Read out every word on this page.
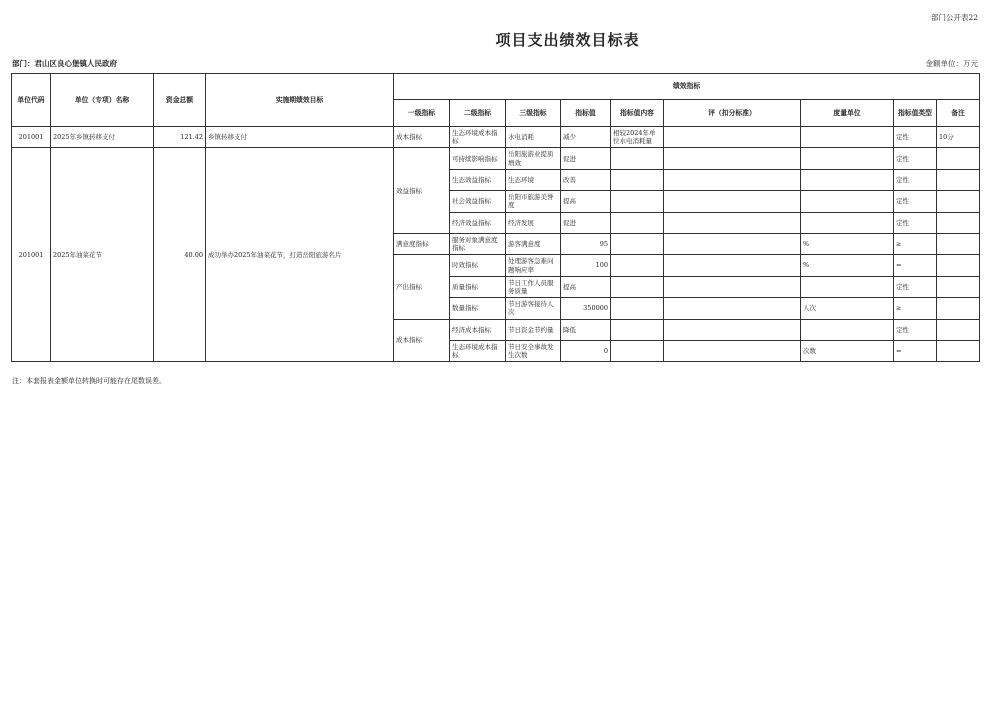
部门公开表22
项目支出绩效目标表
部门：君山区良心堡镇人民政府	金额单位：万元
单位代码	单位（专项）名称	资金总额	实施期绩效目标	绩效指标								
				一级指标	二级指标	三级指标	指标值	指标值内容	评（扣分标准）	度量单位	指标值类型	备注
201001	2025年乡镇转移支付	121.42	乡镇转移支付	成本指标	生态环境成本指标	水电消耗	减少	相较2024年单位水电消耗量			定性	10分
201001	2025年油菜花节	40.00	成功举办2025年油菜花节，打造岳阳旅游名片	效益指标	可持续影响指标	岳阳旅游业提质增效	促进				定性	
					生态效益指标	生态环境	改善				定性	
					社会效益指标	岳阳市旅游美誉度	提高				定性	
					经济效益指标	经济发展	促进				定性	
				满意度指标	服务对象满意度指标	游客满意度	95			%	≥	
				产出指标	时效指标	处理游客急难问题响应率	100			%	=	
					质量指标	节日工作人员服务质量	提高				定性	
					数量指标	节日游客接待人次	350000			人次	≥	
				成本指标	经济成本指标	节日资金节约量	降低				定性	
					生态环境成本指标	节日安全事故发生次数	0			次数	=	
注：本套报表金额单位转换时可能存在尾数误差。
